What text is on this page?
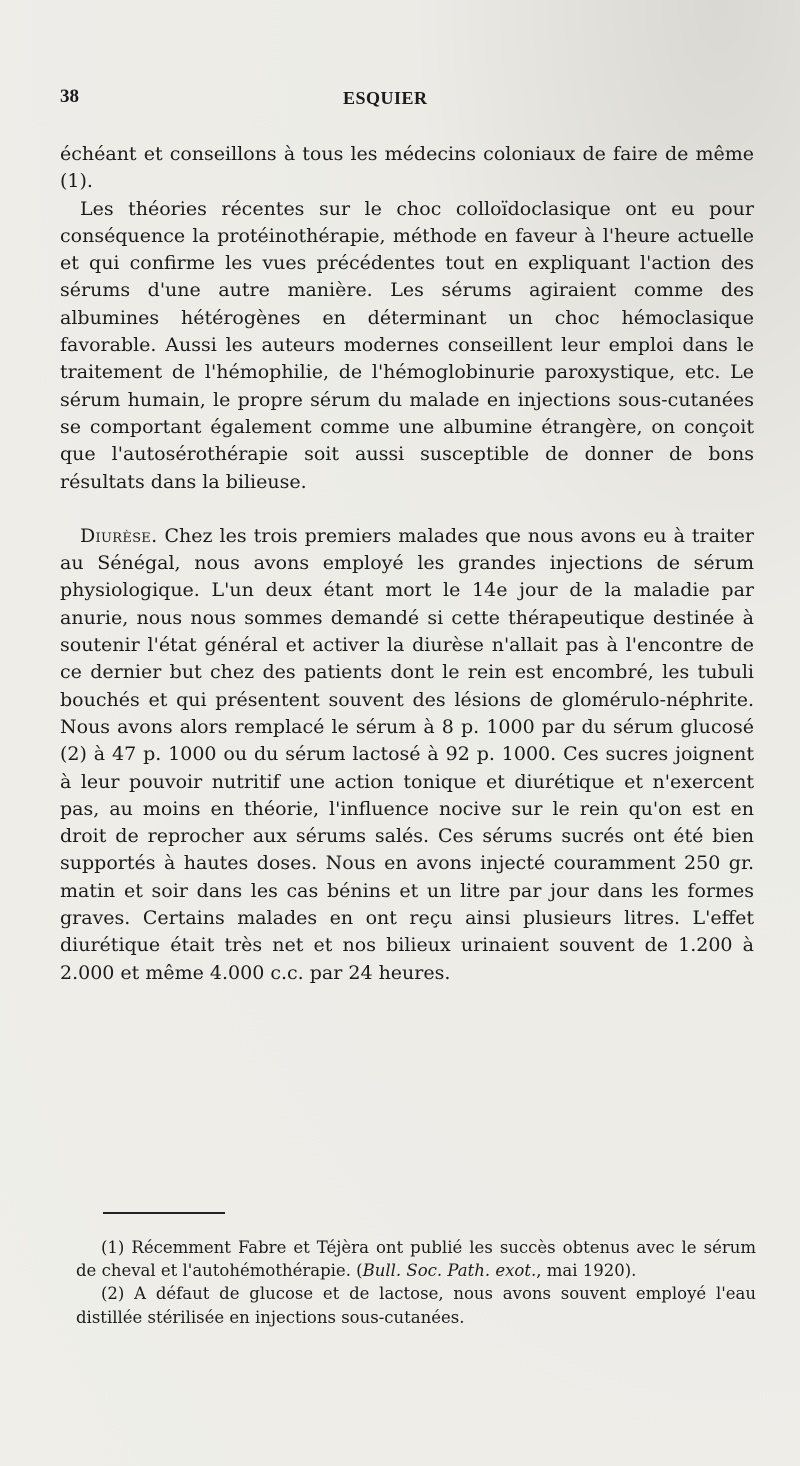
38	ESQUIER

échéant et conseillons à tous les médecins coloniaux de faire de même (1).

Les théories récentes sur le choc colloïdoclasique ont eu pour conséquence la protéinothérapie, méthode en faveur à l'heure actuelle et qui confirme les vues précédentes tout en expliquant l'action des sérums d'une autre manière. Les sérums agiraient comme des albumines hétérogènes en déterminant un choc hémoclasique favorable. Aussi les auteurs modernes conseillent leur emploi dans le traitement de l'hémophilie, de l'hémoglobinurie paroxystique, etc. Le sérum humain, le propre sérum du malade en injections sous-cutanées se comportant également comme une albumine étrangère, on conçoit que l'autosérothérapie soit aussi susceptible de donner de bons résultats dans la bilieuse.

Diurèse. Chez les trois premiers malades que nous avons eu à traiter au Sénégal, nous avons employé les grandes injections de sérum physiologique. L'un deux étant mort le 14e jour de la maladie par anurie, nous nous sommes demandé si cette thérapeutique destinée à soutenir l'état général et activer la diurèse n'allait pas à l'encontre de ce dernier but chez des patients dont le rein est encombré, les tubuli bouchés et qui présentent souvent des lésions de glomérulo-néphrite. Nous avons alors remplacé le sérum à 8 p. 1000 par du sérum glucosé (2) à 47 p. 1000 ou du sérum lactosé à 92 p. 1000. Ces sucres joignent à leur pouvoir nutritif une action tonique et diurétique et n'exercent pas, au moins en théorie, l'influence nocive sur le rein qu'on est en droit de reprocher aux sérums salés. Ces sérums sucrés ont été bien supportés à hautes doses. Nous en avons injecté couramment 250 gr. matin et soir dans les cas bénins et un litre par jour dans les formes graves. Certains malades en ont reçu ainsi plusieurs litres. L'effet diurétique était très net et nos bilieux urinaient souvent de 1.200 à 2.000 et même 4.000 c.c. par 24 heures.

(1) Récemment Fabre et Téjèra ont publié les succès obtenus avec le sérum de cheval et l'autohémothérapie. (Bull. Soc. Path. exot., mai 1920).

(2) A défaut de glucose et de lactose, nous avons souvent employé l'eau distillée stérilisée en injections sous-cutanées.
